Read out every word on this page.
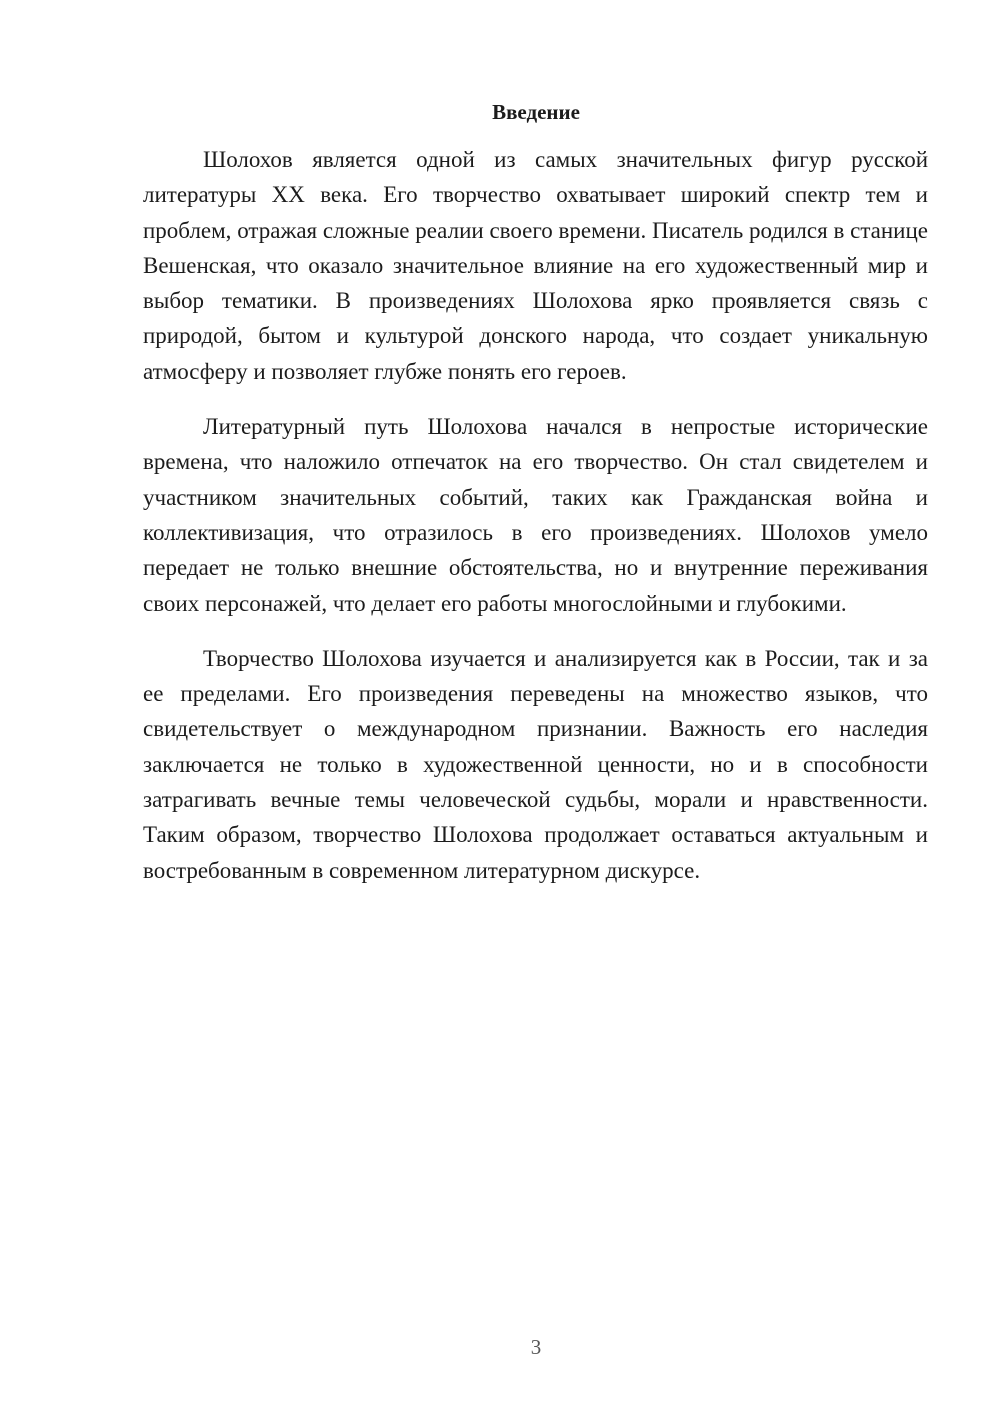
Введение

Шолохов является одной из самых значительных фигур русской литературы XX века. Его творчество охватывает широкий спектр тем и проблем, отражая сложные реалии своего времени. Писатель родился в станице Вешенская, что оказало значительное влияние на его художественный мир и выбор тематики. В произведениях Шолохова ярко проявляется связь с природой, бытом и культурой донского народа, что создает уникальную атмосферу и позволяет глубже понять его героев.

Литературный путь Шолохова начался в непростые исторические времена, что наложило отпечаток на его творчество. Он стал свидетелем и участником значительных событий, таких как Гражданская война и коллективизация, что отразилось в его произведениях. Шолохов умело передает не только внешние обстоятельства, но и внутренние переживания своих персонажей, что делает его работы многослойными и глубокими.

Творчество Шолохова изучается и анализируется как в России, так и за ее пределами. Его произведения переведены на множество языков, что свидетельствует о международном признании. Важность его наследия заключается не только в художественной ценности, но и в способности затрагивать вечные темы человеческой судьбы, морали и нравственности. Таким образом, творчество Шолохова продолжает оставаться актуальным и востребованным в современном литературном дискурсе.

3
